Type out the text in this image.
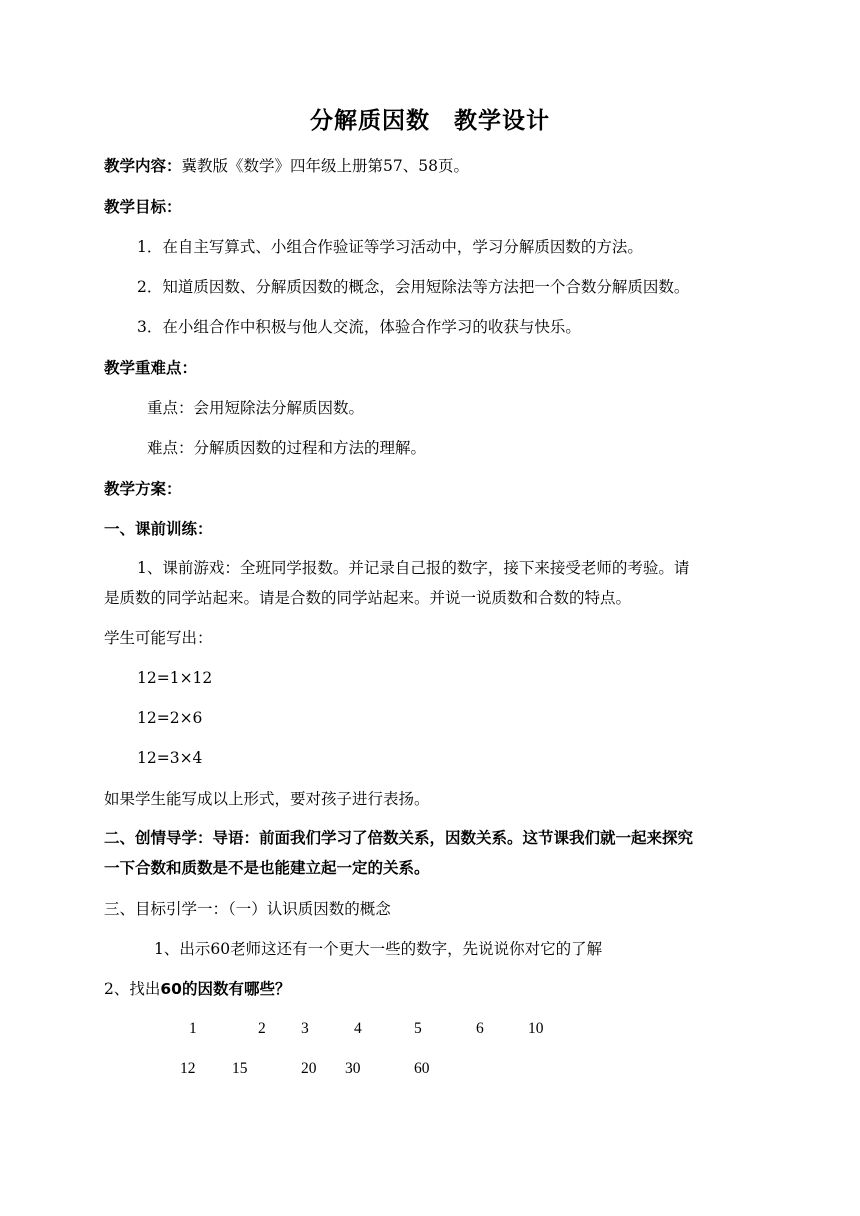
分解质因数　教学设计
教学内容：冀教版《数学》四年级上册第57、58页。
教学目标：
1．在自主写算式、小组合作验证等学习活动中，学习分解质因数的方法。
2．知道质因数、分解质因数的概念，会用短除法等方法把一个合数分解质因数。
3．在小组合作中积极与他人交流，体验合作学习的收获与快乐。
教学重难点：
重点：会用短除法分解质因数。
难点：分解质因数的过程和方法的理解。
教学方案：
一、课前训练：
1、课前游戏：全班同学报数。并记录自己报的数字，接下来接受老师的考验。请
是质数的同学站起来。请是合数的同学站起来。并说一说质数和合数的特点。
学生可能写出：
12=1×12
12=2×6
12=3×4
如果学生能写成以上形式，要对孩子进行表扬。
二、创情导学：导语：前面我们学习了倍数关系，因数关系。这节课我们就一起来探究
一下合数和质数是不是也能建立起一定的关系。
三、目标引学一：（一）认识质因数的概念
1、出示60老师这还有一个更大一些的数字，先说说你对它的了解
2、找出60的因数有哪些？
1	2 3	4	5	6	10
12 15	20 30	60
